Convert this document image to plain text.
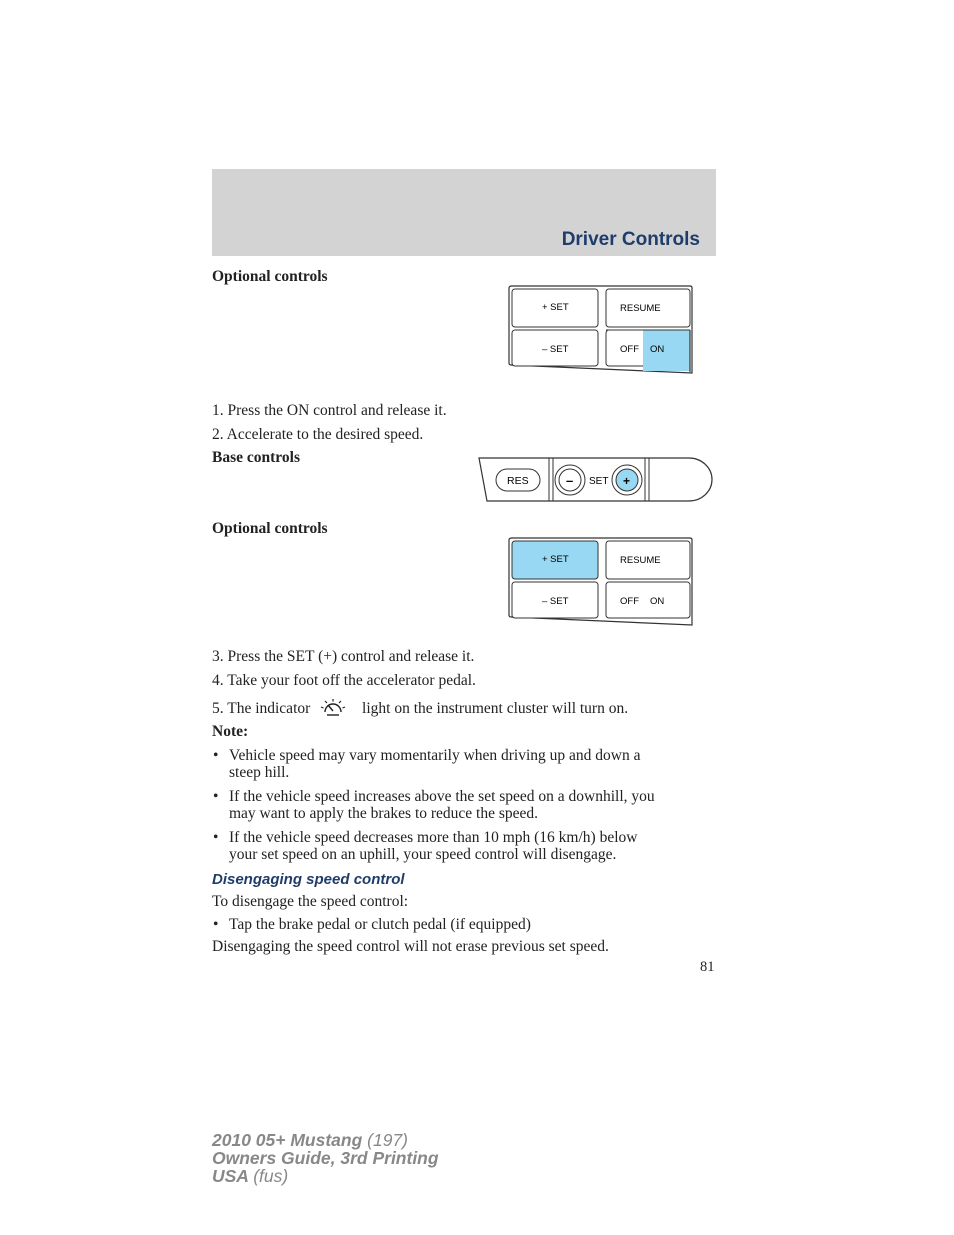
Driver Controls
Optional controls
+ SET
– SET
RESUME
OFF ON
1. Press the ON control and release it.
2. Accelerate to the desired speed.
Base controls
RES	– SET +
Optional controls
+ SET
– SET
RESUME
OFF ON
3. Press the SET (+) control and release it.
4. Take your foot off the accelerator pedal.
5. The indicator	light on the instrument cluster will turn on.
Note:
• Vehicle speed may vary momentarily when driving up and down a
steep hill.
• If the vehicle speed increases above the set speed on a downhill, you
may want to apply the brakes to reduce the speed.
• If the vehicle speed decreases more than 10 mph (16 km/h) below
your set speed on an uphill, your speed control will disengage.
Disengaging speed control
To disengage the speed control:
• Tap the brake pedal or clutch pedal (if equipped)
Disengaging the speed control will not erase previous set speed.
81
2010 05+ Mustang (197)
Owners Guide, 3rd Printing
USA (fus)
